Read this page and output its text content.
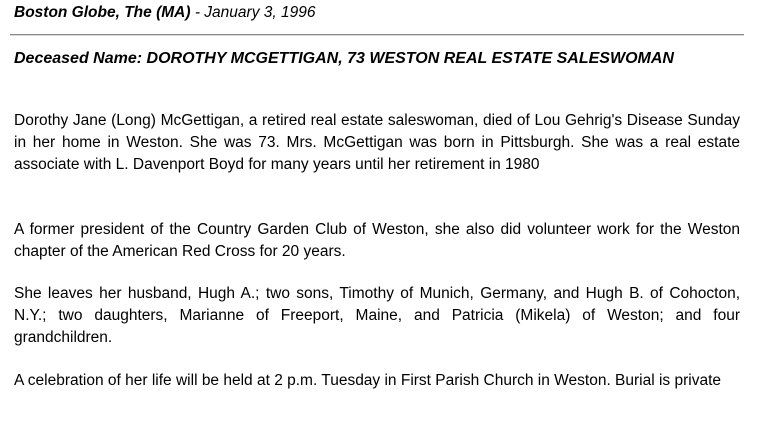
Boston Globe, The (MA) - January 3, 1996
Deceased Name: DOROTHY MCGETTIGAN, 73 WESTON REAL ESTATE SALESWOMAN

Dorothy Jane (Long) McGettigan, a retired real estate saleswoman, died of Lou Gehrig's Disease Sunday in her home in Weston. She was 73. Mrs. McGettigan was born in Pittsburgh. She was a real estate associate with L. Davenport Boyd for many years until her retirement in 1980

A former president of the Country Garden Club of Weston, she also did volunteer work for the Weston chapter of the American Red Cross for 20 years.

She leaves her husband, Hugh A.; two sons, Timothy of Munich, Germany, and Hugh B. of Cohocton, N.Y.; two daughters, Marianne of Freeport, Maine, and Patricia (Mikela) of Weston; and four grandchildren.

A celebration of her life will be held at 2 p.m. Tuesday in First Parish Church in Weston. Burial is private
